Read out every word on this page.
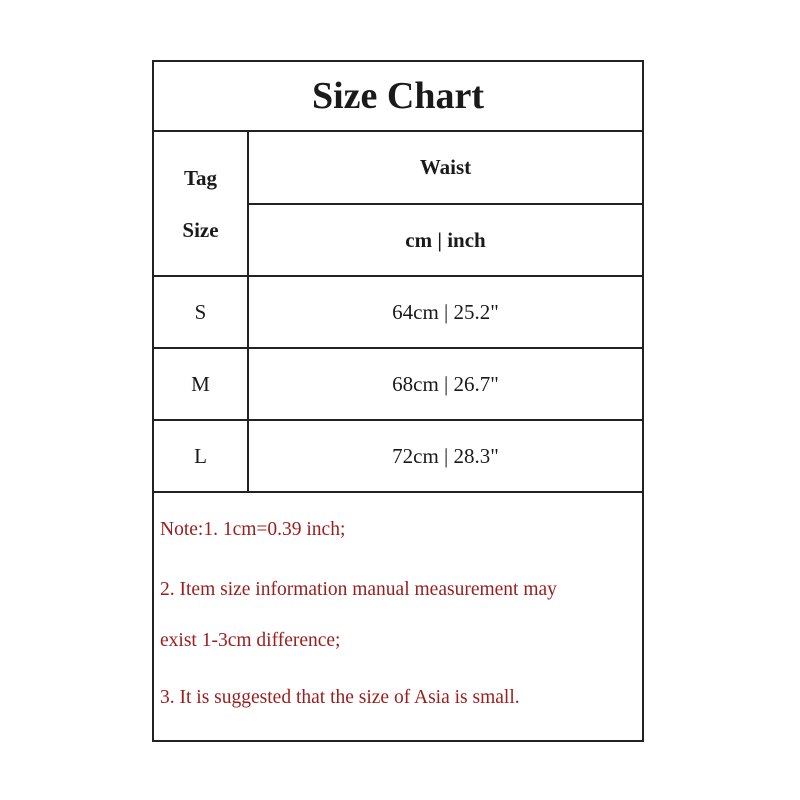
Size Chart
Tag
Size
Waist
cm | inch
S	64cm | 25.2"
M	68cm | 26.7"
L	72cm | 28.3"
Note:1. 1cm=0.39 inch;
2. Item size information manual measurement may
exist 1-3cm difference;
3. It is suggested that the size of Asia is small.
